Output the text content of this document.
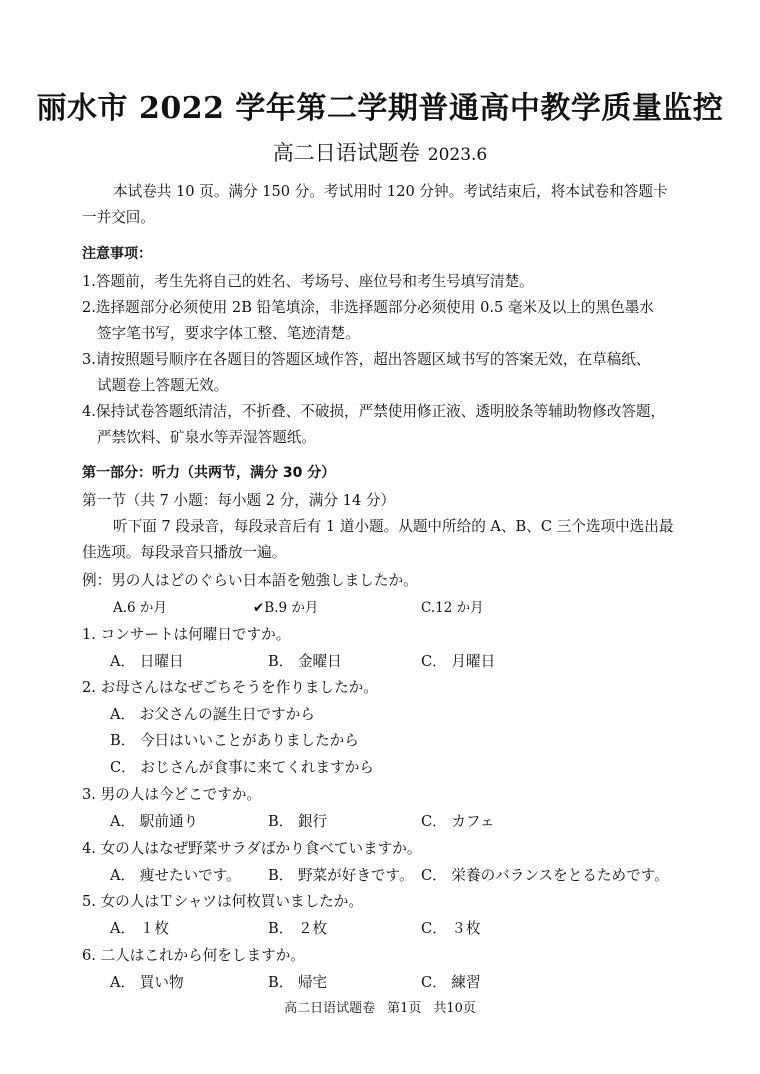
丽水市 2022 学年第二学期普通高中教学质量监控
高二日语试题卷 2023.6
本试卷共 10 页。满分 150 分。考试用时 120 分钟。考试结束后，将本试卷和答题卡
一并交回。
注意事项：
1.答题前，考生先将自己的姓名、考场号、座位号和考生号填写清楚。
2.选择题部分必须使用 2B 铅笔填涂，非选择题部分必须使用 0.5 毫米及以上的黑色墨水
签字笔书写，要求字体工整、笔迹清楚。
3.请按照题号顺序在各题目的答题区域作答，超出答题区域书写的答案无效，在草稿纸、
试题卷上答题无效。
4.保持试卷答题纸清洁，不折叠、不破损，严禁使用修正液、透明胶条等辅助物修改答题，
严禁饮料、矿泉水等弄湿答题纸。
第一部分：听力（共两节，满分 30 分）
第一节（共 7 小题：每小题 2 分，满分 14 分）
听下面 7 段录音，每段录音后有 1 道小题。从题中所给的 A、B、C 三个选项中选出最
佳选项。每段录音只播放一遍。
例：男の人はどのぐらい日本語を勉強しましたか。
A.6 か月	✔B.9 か月	C.12 か月
1. コンサートは何曜日ですか。
A． 日曜日	B． 金曜日	C． 月曜日
2. お母さんはなぜごちそうを作りましたか。
A． お父さんの誕生日ですから
B． 今日はいいことがありましたから
C． おじさんが食事に来てくれますから
3. 男の人は今どこですか。
A． 駅前通り	B． 銀行	C． カフェ
4. 女の人はなぜ野菜サラダばかり食べていますか。
A． 痩せたいです。 B． 野菜が好きです。 C． 栄養のバランスをとるためです。
5. 女の人はＴシャツは何枚買いましたか。
A． １枚	B． ２枚	C． ３枚
6. 二人はこれから何をしますか。
A． 買い物	B． 帰宅	C． 練習
高二日语试题卷 第1页 共10页
